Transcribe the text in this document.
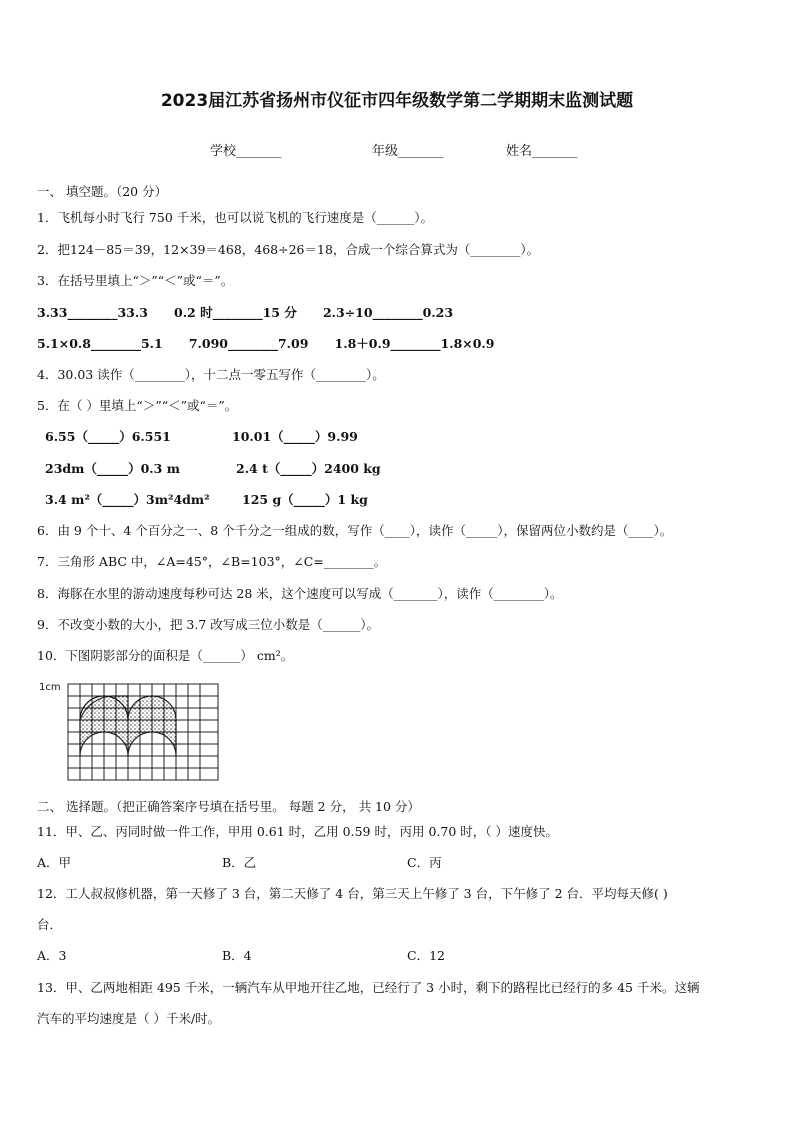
2023届江苏省扬州市仪征市四年级数学第二学期期末监测试题
学校_______	年级_______	姓名_______
一、 填空题。（20 分）
1．飞机每小时飞行 750 千米，也可以说飞机的飞行速度是（______）。
2．把124－85＝39，12×39＝468，468÷26＝18，合成一个综合算式为（________）。
3．在括号里填上“＞”“＜”或“＝”。
3.33________33.3      0.2 时________15 分      2.3÷10________0.23
5.1×0.8________5.1      7.090________7.09      1.8＋0.9________1.8×0.9
4．30.03 读作（________），十二点一零五写作（________）。
5．在（ ）里填上“＞”“＜”或“＝”。
6.55（_____）6.551	10.01（_____）9.99
23dm（_____）0.3 m	2.4 t（_____）2400 kg
3.4 m²（_____）3m²4dm²	125 g（_____）1 kg
6．由 9 个十、4 个百分之一、8 个千分之一组成的数，写作（____），读作（_____），保留两位小数约是（____）。
7．三角形 ABC 中，∠A=45°，∠B=103°，∠C=________。
8．海豚在水里的游动速度每秒可达 28 米，这个速度可以写成（_______），读作（________）。
9．不改变小数的大小，把 3.7 改写成三位小数是（______）。
10．下图阴影部分的面积是（______） cm²。
1cm
二、 选择题。（把正确答案序号填在括号里。 每题 2 分， 共 10 分）
11．甲、乙、丙同时做一件工作，甲用 0.61 时，乙用 0.59 时，丙用 0.70 时，（ ）速度快。
A．甲	B．乙	C．丙
12．工人叔叔修机器，第一天修了 3 台，第二天修了 4 台，第三天上午修了 3 台，下午修了 2 台．平均每天修( )
台．
A．3	B．4	C．12
13．甲、乙两地相距 495 千米，一辆汽车从甲地开往乙地，已经行了 3 小时，剩下的路程比已经行的多 45 千米。这辆
汽车的平均速度是（ ）千米/时。
